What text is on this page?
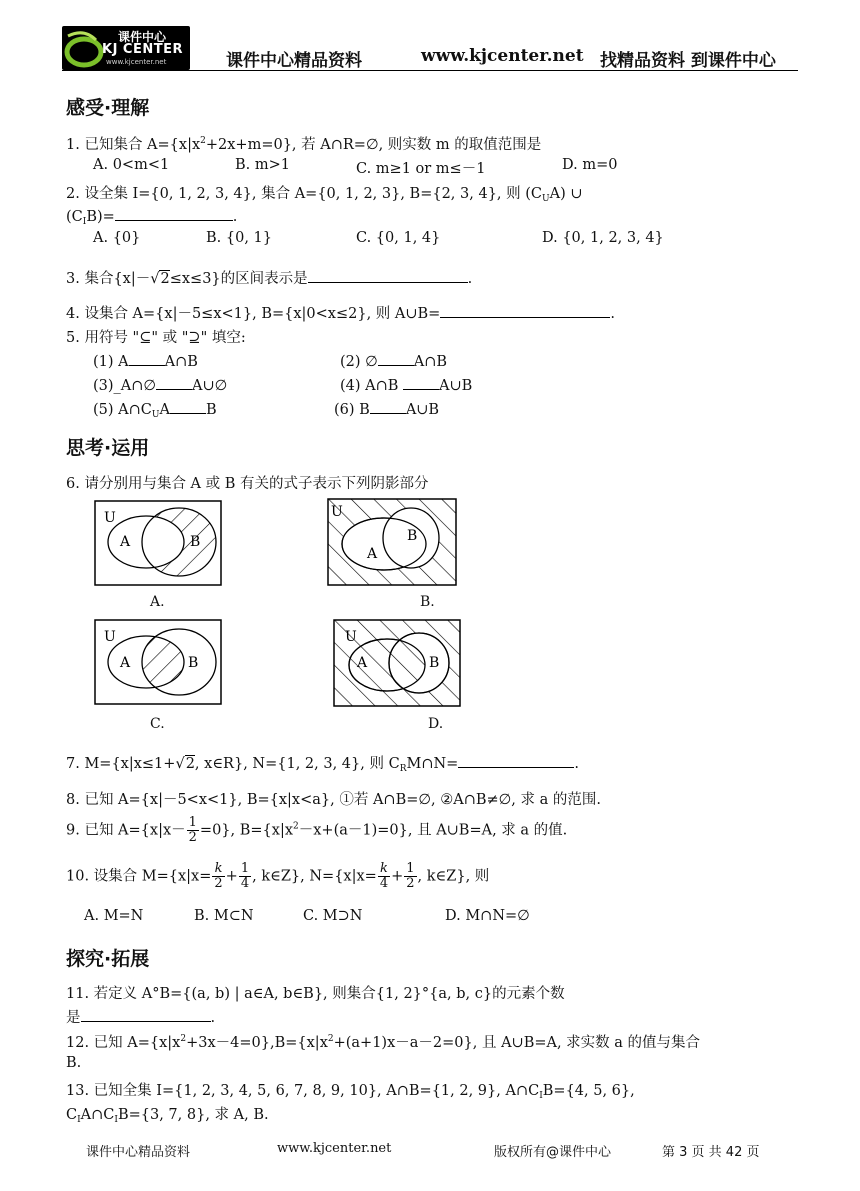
课件中心
KJ CENTER
www.kjcenter.net	课件中心精品资料	www.kjcenter.net 找精品资料 到课件中心
感受·理解
1. 已知集合 $A=\{x|x^2+2x+m=0\}$, 若 A∩R=∅, 则实数 m 的取值范围是
A. 0<m<1	B. m>1	C. m≥1 or m≤－1	D. m=0
2. 设全集 I={0, 1, 2, 3, 4}, 集合 A={0, 1, 2, 3}, B={2, 3, 4}, 则 $(C_UA)$ ∪
$(C_IB)=$	.
A. {0}	B. {0, 1}	C. {0, 1, 4}	D. {0, 1, 2, 3, 4}
3. 集合{x|－√2≤x≤3}的区间表示是	.
4. 设集合 A={x|－5≤x<1}, B={x|0<x≤2}, 则 A∪B=	.
5. 用符号 "⊆" 或 "⊇" 填空:
(1) A A∩B	(2) ∅ A∩B
(3)_A∩∅ A∪∅	(4) A∩B A∪B
(5) $A\cap C_UA$ B	(6) B A∪B
思考·运用
6. 请分别用与集合 A 或 B 有关的式子表示下列阴影部分
U
A	B
A.
U
A
B
B.
U
A	B
C.
U
A	B
D.
7. M={x|x≤1+√2, x∈R}, N={1, 2, 3, 4}, 则 $C_RM\cap N=$	.
8. 已知 A={x|－5<x<1}, B={x|x<a}, ①若 A∩B=∅, ②A∩B≠∅, 求 a 的范围.
9. 已知 $A=\{x|x- \frac{1}{2} =0\}$, $B=\{x|x^2-x+(a-1)=0\}$, 且 A∪B=A, 求 a 的值.
10. 设集合 $M=\{x|x= \frac{k}{2} + \frac{1}{4}$ , k∈Z}, $N=\{x|x= \frac{k}{4} + \frac{1}{2}$ , k∈Z}, 则
A. M=N	B. M⊂N	C. M⊃N	D. M∩N=∅
探究·拓展
11. 若定义 A°B={(a, b) | a∈A, b∈B}, 则集合{1, 2}°{a, b, c}的元素个数
是	.
12. 已知 $A=\{x|x^2+3x-4=0\},B=\{x|x^2+(a+1)x-a-2=0\}$, 且 A∪B=A, 求实数 a 的值与集合
B.
13. 已知全集 I={1, 2, 3, 4, 5, 6, 7, 8, 9, 10}, A∩B={1, 2, 9}, $A\cap C_IB=\{4$, 5, 6},
$C_IA\cap C_IB=\{3$, 7, 8}, 求 A, B.
课件中心精品资料	www.kjcenter.net	版权所有@课件中心	第 3 页 共 42 页
